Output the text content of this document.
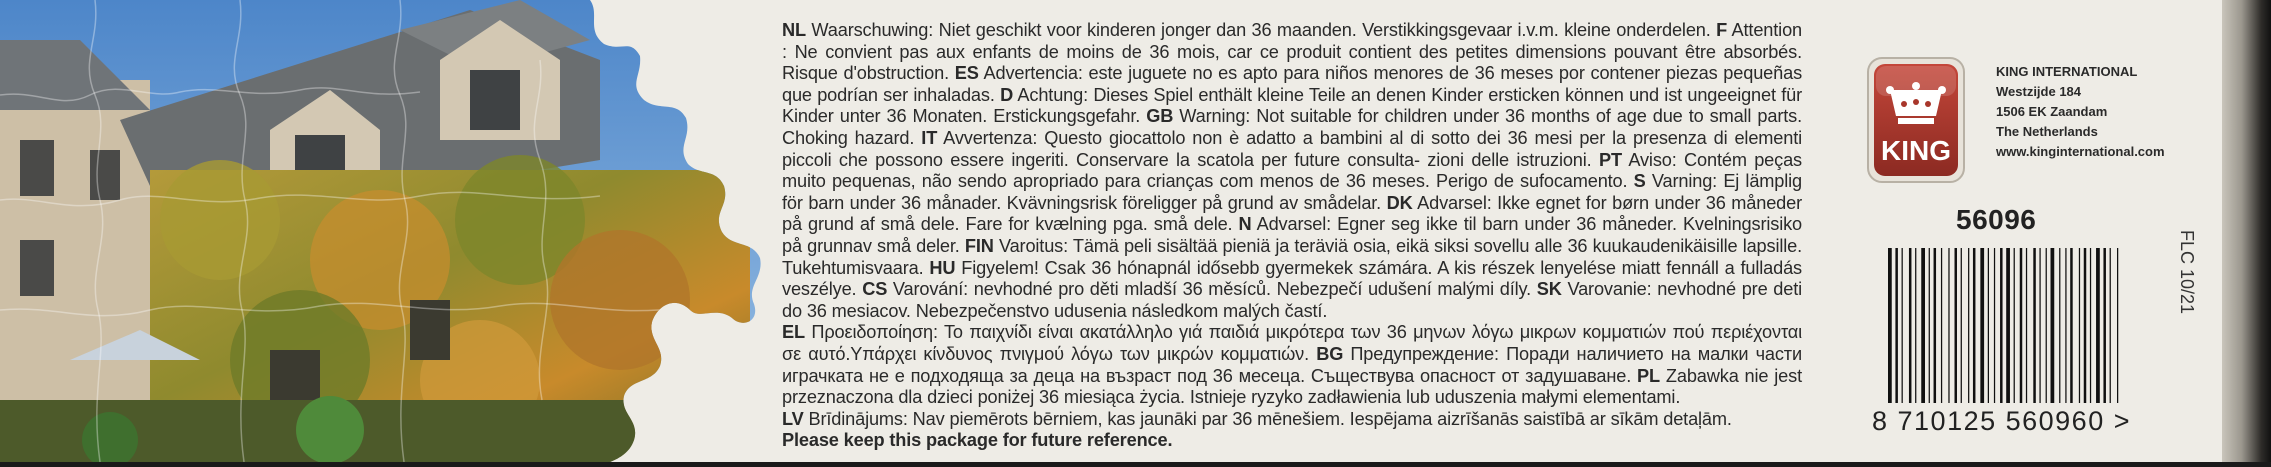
NL Waarschuwing: Niet geschikt voor kinderen jonger dan 36 maanden. Verstikkingsgevaar i.v.m. kleine onderdelen. F Attention : Ne convient pas aux enfants de moins de 36 mois, car ce produit contient des petites dimensions pouvant être absorbés. Risque d'obstruction. ES Advertencia: este juguete no es apto para niños menores de 36 meses por contener piezas pequeñas que podrían ser inhaladas. D Achtung: Dieses Spiel enthält kleine Teile an denen Kinder ersticken können und ist ungeeignet für Kinder unter 36 Monaten. Erstickungsgefahr. GB Warning: Not suitable for children under 36 months of age due to small parts. Choking hazard. IT Avvertenza: Questo giocattolo non è adatto a bambini al di sotto dei 36 mesi per la presenza di elementi piccoli che possono essere ingeriti. Conservare la scatola per future consulta- zioni delle istruzioni. PT Aviso: Contém peças muito pequenas, não sendo apropriado para crianças com menos de 36 meses. Perigo de sufocamento. S Varning: Ej lämplig för barn under 36 månader. Kvävningsrisk föreligger på grund av smådelar. DK Advarsel: Ikke egnet for børn under 36 måneder på grund af små dele. Fare for kvælning pga. små dele. N Advarsel: Egner seg ikke til barn under 36 måneder. Kvelningsrisiko på grunnav små deler. FIN Varoitus: Tämä peli sisältää pieniä ja teräviä osia, eikä siksi sovellu alle 36 kuukaudenikäisille lapsille. Tukehtumisvaara. HU Figyelem! Csak 36 hónapnál idősebb gyermekek számára. A kis részek lenyelése miatt fennáll a fulladás veszélye. CS Varování: nevhodné pro děti mladší 36 měsíců. Nebezpečí udušení malými díly. SK Varovanie: nevhodné pre deti do 36 mesiacov. Nebezpečenstvo udusenia následkom malých častí.

EL Προειδοποίηση: Το παιχνίδι είναι ακατάλληλο γιά παιδιά μικρότερα των 36 μηνων λόγω μικρων κομματιών πού περιέχονται σε αυτό.Υπάρχει κίνδυνος πνιγμού λόγω των μικρών κομματιών. BG Предупреждение: Поради наличието на малки части играчката не е подходяща за деца на възраст под 36 месеца. Съществува опасност от задушаване. PL Zabawka nie jest przeznaczona dla dzieci poniżej 36 miesiąca życia. Istnieje ryzyko zadławienia lub uduszenia małymi elementami.

LV Brīdinājums: Nav piemērots bērniem, kas jaunāki par 36 mēnešiem. Iespējama aizrīšanās saistībā ar sīkām detaļām.

Please keep this package for future reference.

KING
KING INTERNATIONAL
Westzijde 184
1506 EK Zaandam
The Netherlands
www.kinginternational.com
56096
8 710125 560960 >
FLC 10/21
